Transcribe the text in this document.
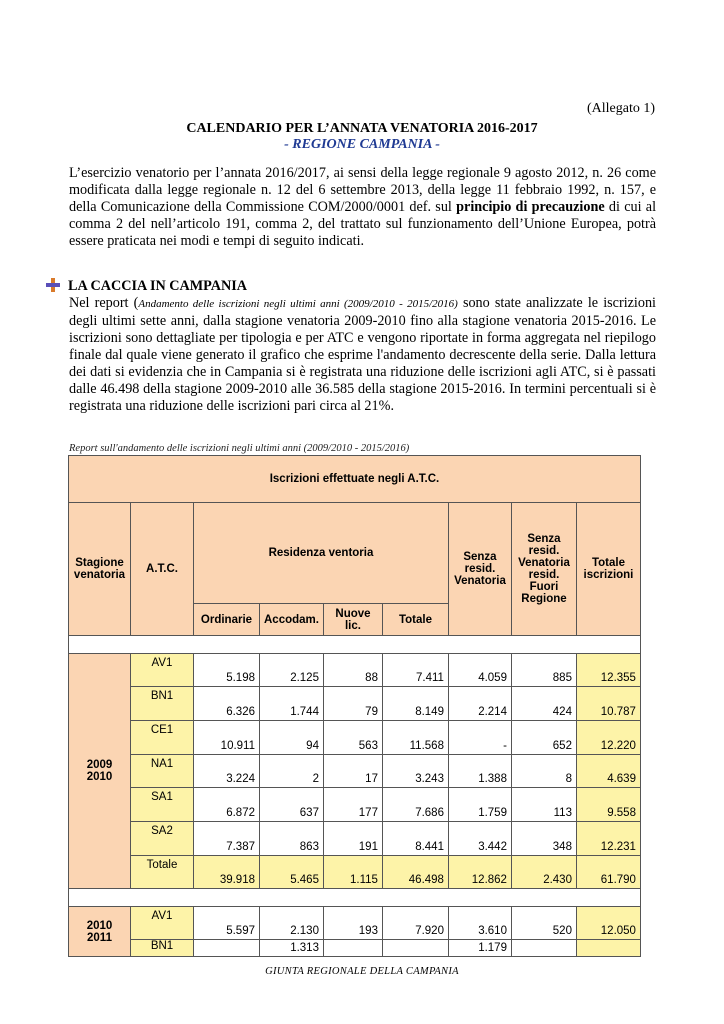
(Allegato 1)
CALENDARIO PER L’ANNATA VENATORIA 2016-2017
- REGIONE CAMPANIA -
L’esercizio venatorio per l’annata 2016/2017, ai sensi della legge regionale 9 agosto 2012, n. 26 come modificata dalla legge regionale n. 12 del 6 settembre 2013, della legge 11 febbraio 1992, n. 157, e della Comunicazione della Commissione COM/2000/0001 def. sul principio di precauzione di cui al comma 2 del nell’articolo 191, comma 2, del trattato sul funzionamento dell’Unione Europea, potrà essere praticata nei modi e tempi di seguito indicati.
LA CACCIA IN CAMPANIA
Nel report (Andamento delle iscrizioni negli ultimi anni (2009/2010 - 2015/2016) sono state analizzate le iscrizioni degli ultimi sette anni, dalla stagione venatoria 2009-2010 fino alla stagione venatoria 2015-2016. Le iscrizioni sono dettagliate per tipologia e per ATC e vengono riportate in forma aggregata nel riepilogo finale dal quale viene generato il grafico che esprime l'andamento decrescente della serie. Dalla lettura dei dati si evidenzia che in Campania si è registrata una riduzione delle iscrizioni agli ATC, si è passati dalle 46.498 della stagione 2009-2010 alle 36.585 della stagione 2015-2016. In termini percentuali si è registrata una riduzione delle iscrizioni pari circa al 21%.
Report sull'andamento delle iscrizioni negli ultimi anni (2009/2010 - 2015/2016)
Iscrizioni effettuate negli A.T.C.								
Stagione venatoria	A.T.C.	Residenza ventoria				Senza resid. Venatoria	Senza resid. Venatoria resid. Fuori Regione	Totale iscrizioni
		Ordinarie	Accodam.	Nuove lic.	Totale			

2009
2010	AV1	5.198	2.125	88	7.411	4.059	885	12.355
	BN1	6.326	1.744	79	8.149	2.214	424	10.787
	CE1	10.911	94	563	11.568	-	652	12.220
	NA1	3.224	2	17	3.243	1.388	8	4.639
	SA1	6.872	637	177	7.686	1.759	113	9.558
	SA2	7.387	863	191	8.441	3.442	348	12.231
	Totale	39.918	5.465	1.115	46.498	12.862	2.430	61.790

2010
2011	AV1	5.597	2.130	193	7.920	3.610	520	12.050
	BN1		1.313			1.179		
GIUNTA REGIONALE DELLA CAMPANIA
